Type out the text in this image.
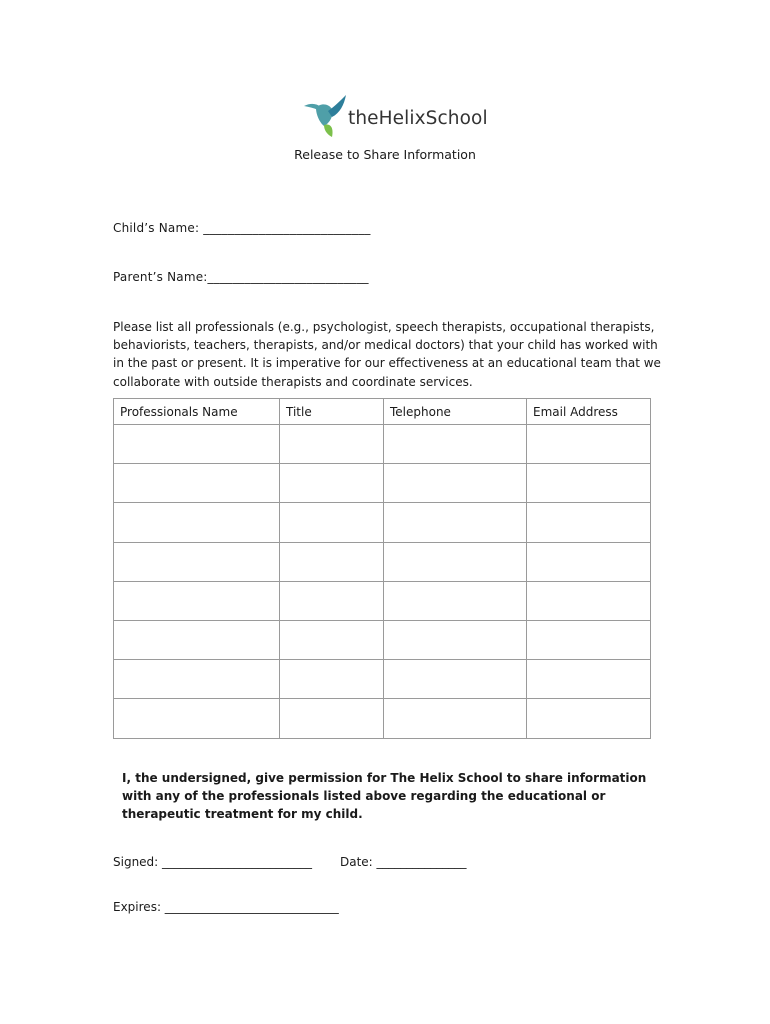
theHelixSchool
Release to Share Information
Child’s Name: ___________________________
Parent’s Name:__________________________
Please list all professionals (e.g., psychologist, speech therapists, occupational therapists, behaviorists, teachers, therapists, and/or medical doctors) that your child has worked with in the past or present. It is imperative for our effectiveness at an educational team that we collaborate with outside therapists and coordinate services.
Professionals Name	Title	Telephone	Email Address

I, the undersigned, give permission for The Helix School to share information with any of the professionals listed above regarding the educational or therapeutic treatment for my child.
Signed: _________________________ Date: _______________
Expires: _____________________________
